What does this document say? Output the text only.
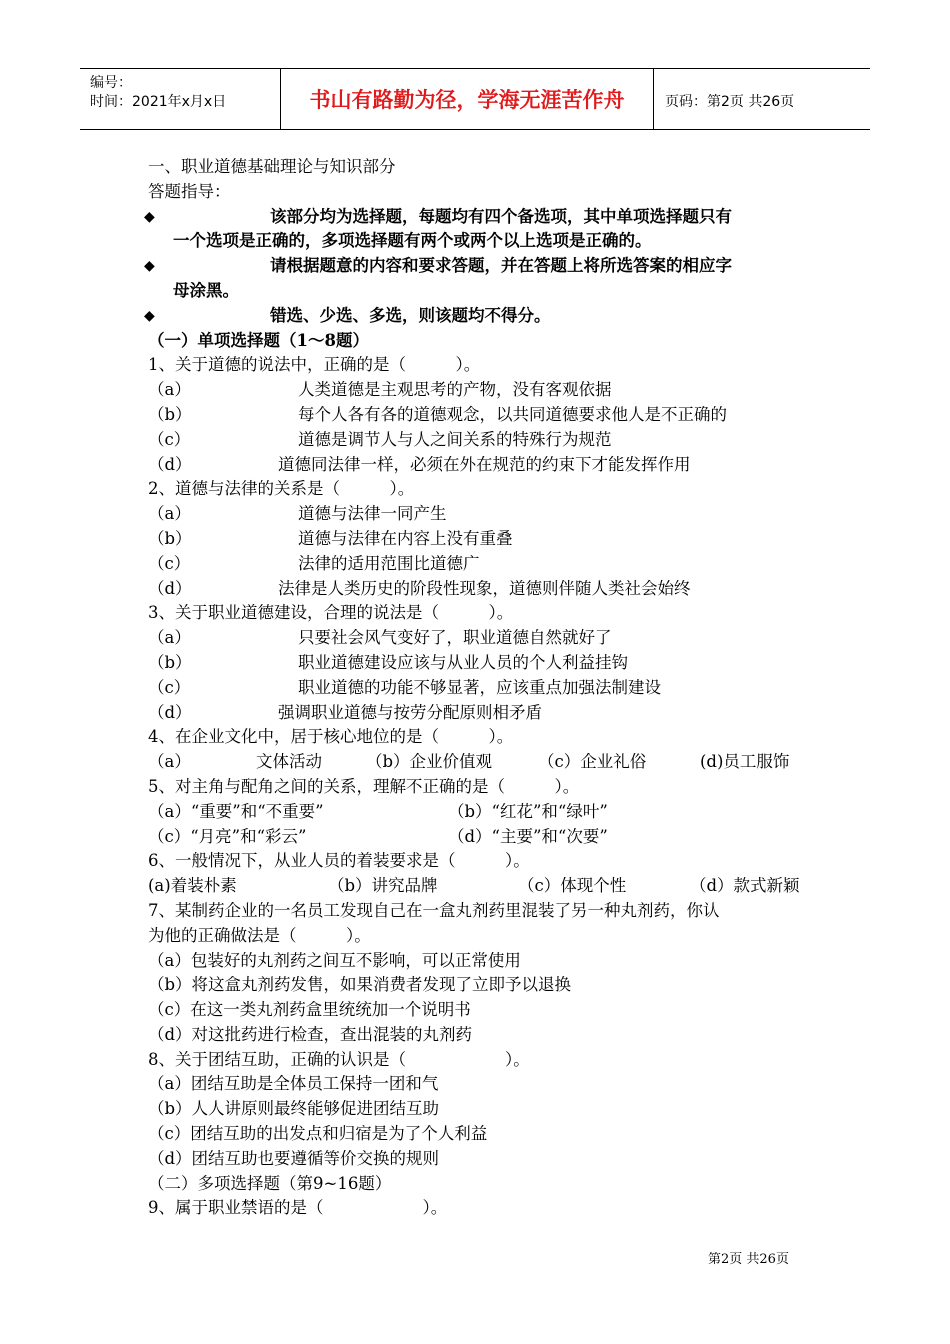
编号：
时间：2021年x月x日	书山有路勤为径，学海无涯苦作舟	页码：第2页 共26页
一、职业道德基础理论与知识部分
答题指导：
◆	该部分均为选择题，每题均有四个备选项，其中单项选择题只有
一个选项是正确的，多项选择题有两个或两个以上选项是正确的。
◆	请根据题意的内容和要求答题，并在答题上将所选答案的相应字
母涂黑。
◆	错选、少选、多选，则该题均不得分。
（一）单项选择题（1～8题）
1、关于道德的说法中，正确的是（　　　）。
（a）	人类道德是主观思考的产物，没有客观依据
（b）	每个人各有各的道德观念，以共同道德要求他人是不正确的
（c）	道德是调节人与人之间关系的特殊行为规范
（d）	道德同法律一样，必须在外在规范的约束下才能发挥作用
2、道德与法律的关系是（　　　）。
（a）	道德与法律一同产生
（b）	道德与法律在内容上没有重叠
（c）	法律的适用范围比道德广
（d）	法律是人类历史的阶段性现象，道德则伴随人类社会始终
3、关于职业道德建设，合理的说法是（　　　）。
（a）	只要社会风气变好了，职业道德自然就好了
（b）	职业道德建设应该与从业人员的个人利益挂钩
（c）	职业道德的功能不够显著，应该重点加强法制建设
（d）	强调职业道德与按劳分配原则相矛盾
4、在企业文化中，居于核心地位的是（　　　）。
（a）	文体活动	（b）企业价值观	（c）企业礼俗	(d)员工服饰
5、对主角与配角之间的关系，理解不正确的是（　　　）。
（a）“重要”和“不重要”	（b）“红花”和“绿叶”
（c）“月亮”和“彩云”	（d）“主要”和“次要”
6、一般情况下，从业人员的着装要求是（　　　）。
(a)着装朴素	（b）讲究品牌	（c）体现个性	（d）款式新颖
7、某制药企业的一名员工发现自己在一盒丸剂药里混装了另一种丸剂药，你认
为他的正确做法是（　　　）。
（a）包装好的丸剂药之间互不影响，可以正常使用
（b）将这盒丸剂药发售，如果消费者发现了立即予以退换
（c）在这一类丸剂药盒里统统加一个说明书
（d）对这批药进行检查，查出混装的丸剂药
8、关于团结互助，正确的认识是（　　　　　　）。
（a）团结互助是全体员工保持一团和气
（b）人人讲原则最终能够促进团结互助
（c）团结互助的出发点和归宿是为了个人利益
（d）团结互助也要遵循等价交换的规则
（二）多项选择题（第9~16题）
9、属于职业禁语的是（　　　　　　）。
第2页 共26页
